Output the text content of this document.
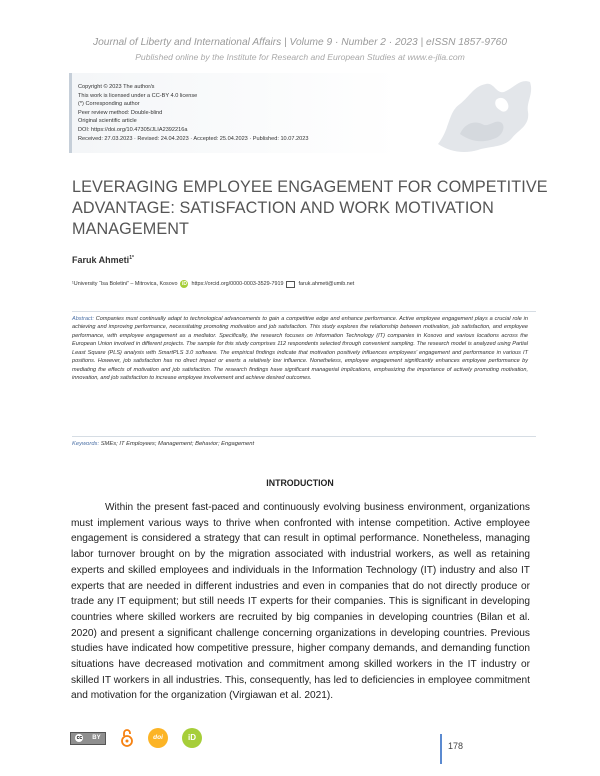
Journal of Liberty and International Affairs | Volume 9 · Number 2 · 2023 | eISSN 1857-9760
Published online by the Institute for Research and European Studies at www.e-jlia.com
Copyright © 2023 The author/s
This work is licensed under a CC-BY 4.0 license
(*) Corresponding author
Peer review method: Double-blind
Original scientific article
DOI: https://doi.org/10.47305/JLIA2392216a
Received: 27.03.2023 · Revised: 24.04.2023 · Accepted: 25.04.2023 · Published: 10.07.2023
LEVERAGING EMPLOYEE ENGAGEMENT FOR COMPETITIVE
ADVANTAGE: SATISFACTION AND WORK MOTIVATION
MANAGEMENT
Faruk Ahmeti$^{1*}$
¹University “Isa Boletini” – Mitrovica, Kosovo iD https://orcid.org/0000-0003-3529-7919	faruk.ahmeti@umib.net
Abstract: Companies must continually adapt to technological advancements to gain a competitive edge and enhance performance. Active employee engagement plays a crucial role in achieving and improving performance, necessitating promoting motivation and job satisfaction. This study explores the relationship between motivation, job satisfaction, and employee performance, with employee engagement as a mediator. Specifically, the research focuses on Information Technology (IT) companies in Kosovo and various locations across the European Union involved in different projects. The sample for this study comprises 112 respondents selected through convenient sampling. The research model is analyzed using Partial Least Square (PLS) analysis with SmartPLS 3.0 software. The empirical findings indicate that motivation positively influences employees’ engagement and performance in various IT positions. However, job satisfaction has no direct impact or exerts a relatively low influence. Nonetheless, employee engagement significantly enhances employee performance by mediating the effects of motivation and job satisfaction. The research findings have significant managerial implications, emphasizing the importance of actively promoting motivation, innovation, and job satisfaction to increase employee involvement and achieve desired outcomes.
Keywords: SMEs; IT Employees; Management; Behavior; Engagement
INTRODUCTION
Within the present fast-paced and continuously evolving business environment, organizations must implement various ways to thrive when confronted with intense competition. Active employee engagement is considered a strategy that can result in optimal performance. Nonetheless, managing labor turnover brought on by the migration associated with industrial workers, as well as retaining experts and skilled employees and individuals in the Information Technology (IT) industry and also IT experts that are needed in different industries and even in companies that do not directly produce or trade any IT equipment; but still needs IT experts for their companies. This is significant in developing countries where skilled workers are recruited by big companies in developing countries (Bilan et al. 2020) and present a significant challenge concerning organizations in developing countries. Previous studies have indicated how competitive pressure, higher company demands, and demanding function situations have decreased motivation and commitment among skilled workers in the IT industry or skilled IT workers in all industries. This, consequently, has led to deficiencies in employee commitment and motivation for the organization (Virgiawan et al. 2021).
cc BY	doi	iD
178
